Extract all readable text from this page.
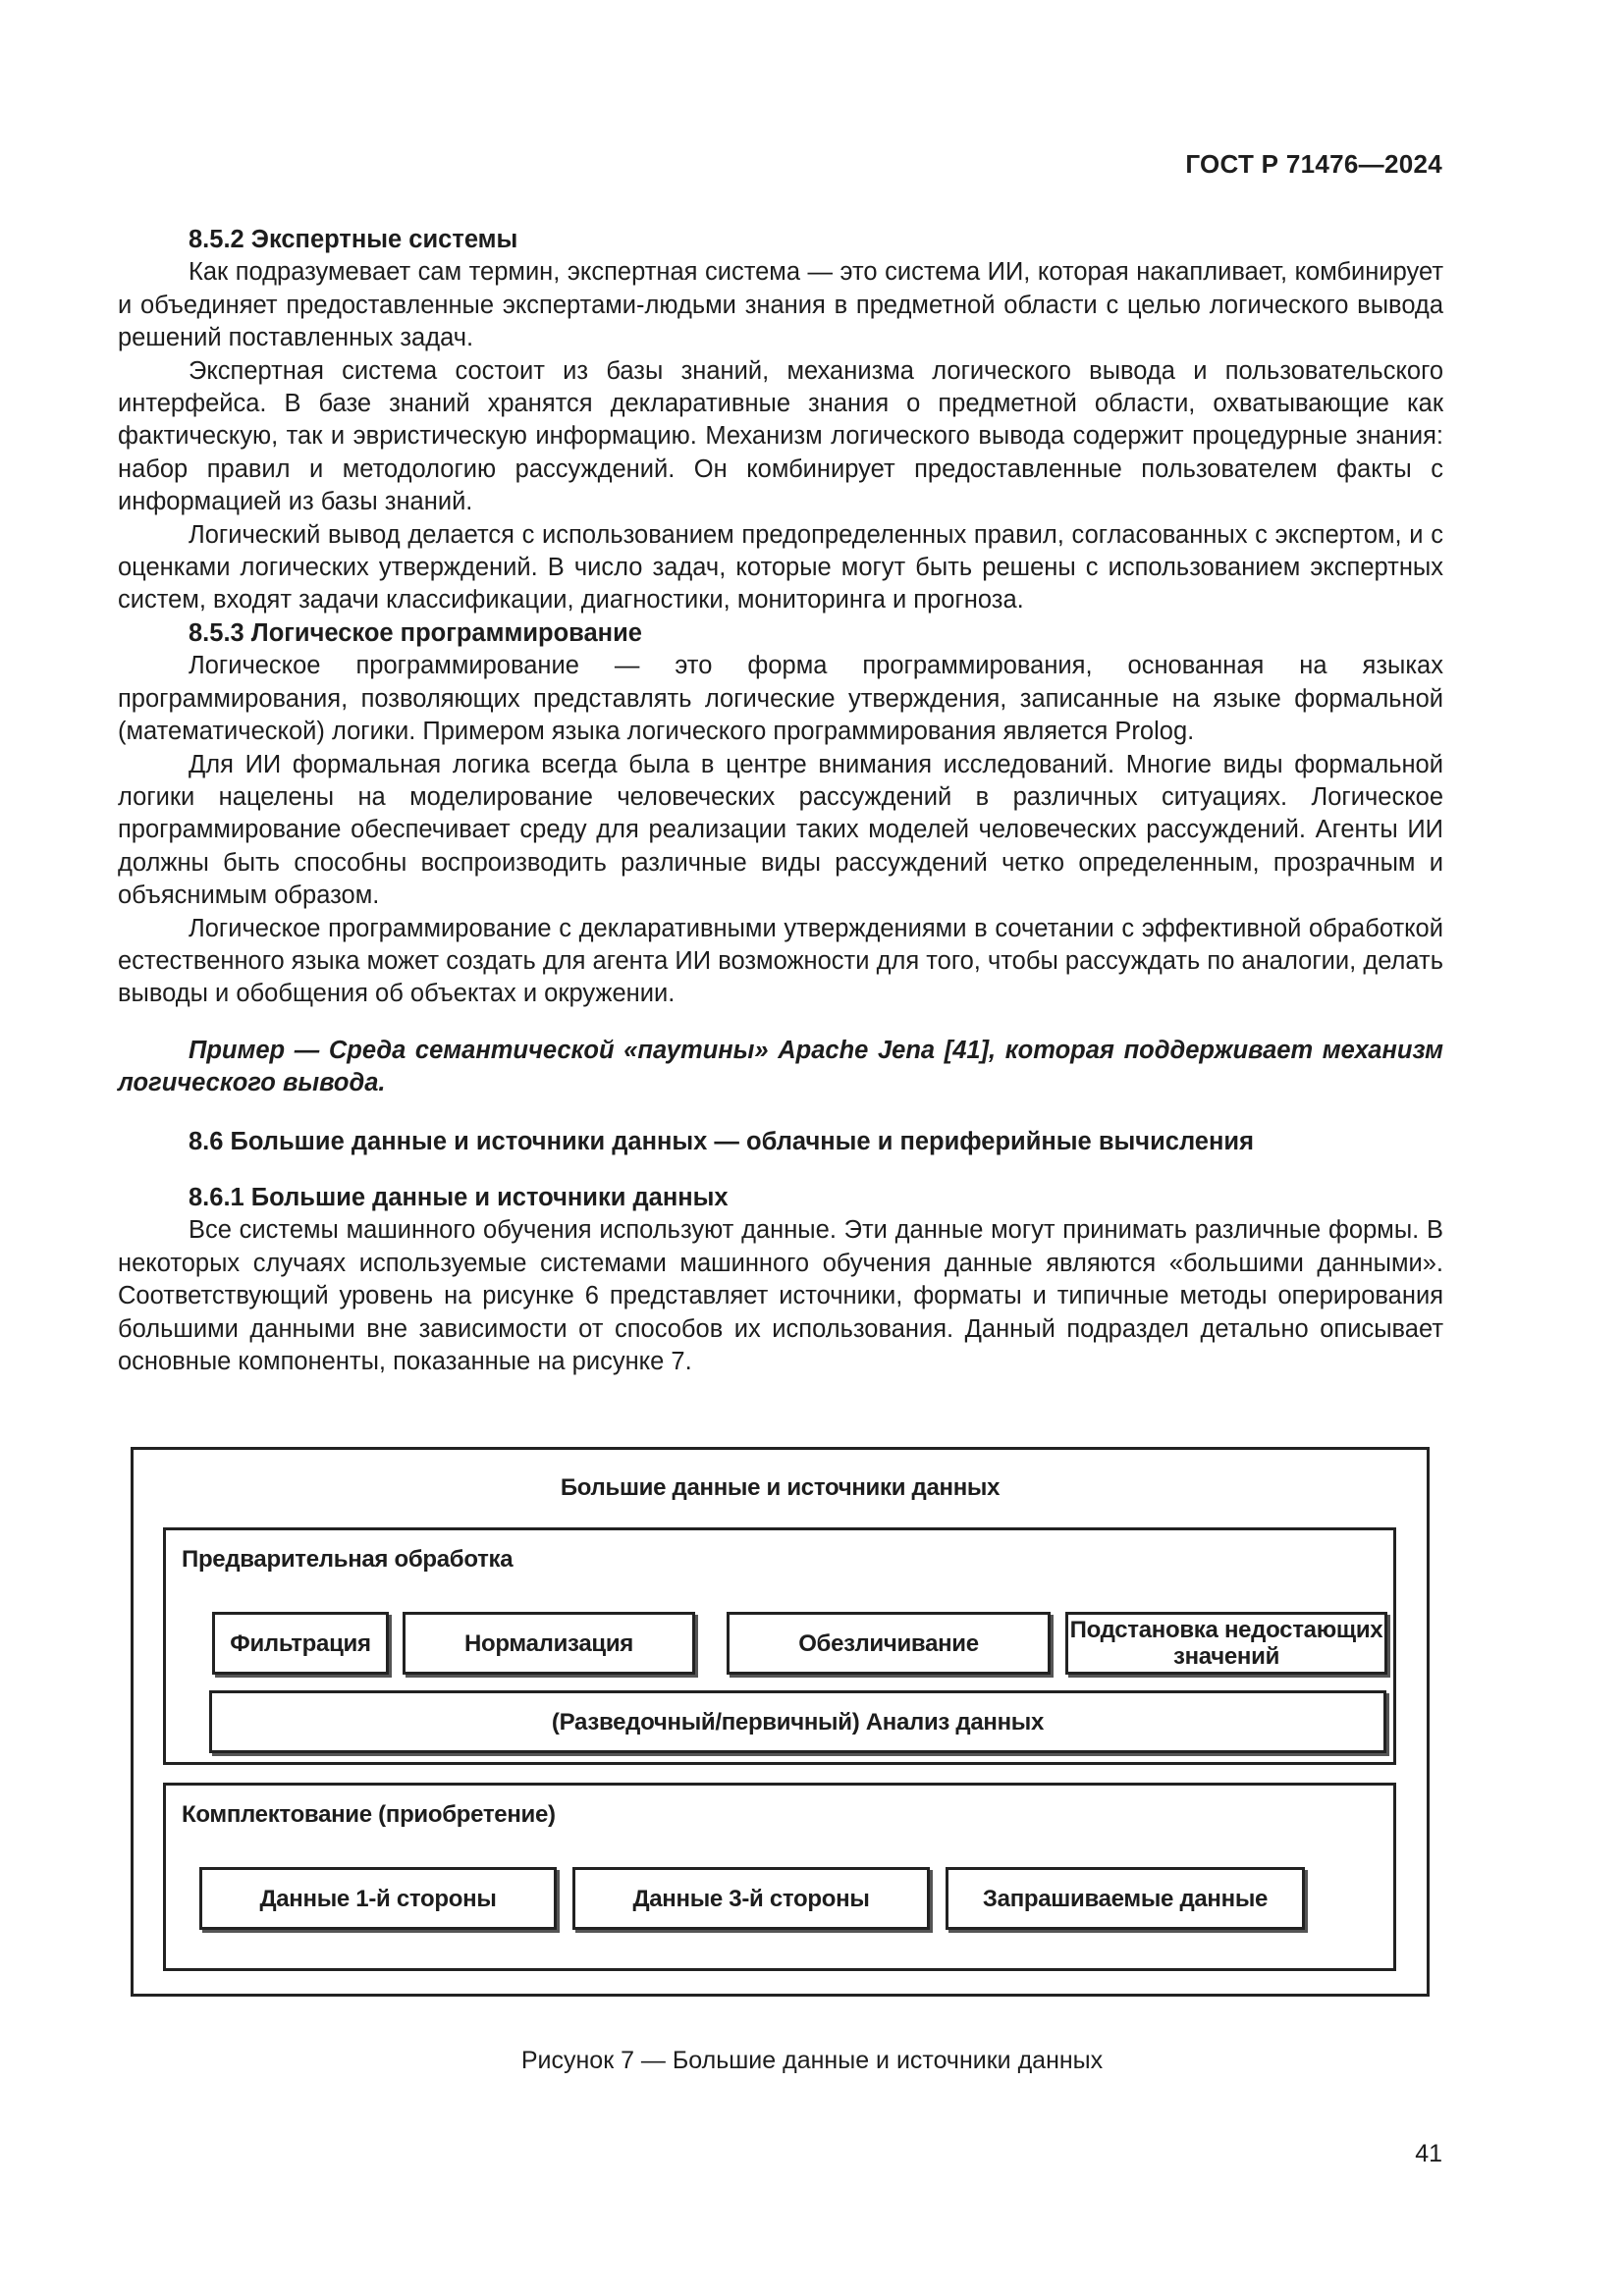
ГОСТ Р 71476—2024

8.5.2 Экспертные системы

Как подразумевает сам термин, экспертная система — это система ИИ, которая накапливает, комбинирует и объединяет предоставленные экспертами-людьми знания в предметной области с целью логического вывода решений поставленных задач.

Экспертная система состоит из базы знаний, механизма логического вывода и пользовательского интерфейса. В базе знаний хранятся декларативные знания о предметной области, охватывающие как фактическую, так и эвристическую информацию. Механизм логического вывода содержит процедурные знания: набор правил и методологию рассуждений. Он комбинирует предоставленные пользователем факты с информацией из базы знаний.

Логический вывод делается с использованием предопределенных правил, согласованных с экспертом, и с оценками логических утверждений. В число задач, которые могут быть решены с использованием экспертных систем, входят задачи классификации, диагностики, мониторинга и прогноза.

8.5.3 Логическое программирование

Логическое программирование — это форма программирования, основанная на языках программирования, позволяющих представлять логические утверждения, записанные на языке формальной (математической) логики. Примером языка логического программирования является Prolog.

Для ИИ формальная логика всегда была в центре внимания исследований. Многие виды формальной логики нацелены на моделирование человеческих рассуждений в различных ситуациях. Логическое программирование обеспечивает среду для реализации таких моделей человеческих рассуждений. Агенты ИИ должны быть способны воспроизводить различные виды рассуждений четко определенным, прозрачным и объяснимым образом.

Логическое программирование с декларативными утверждениями в сочетании с эффективной обработкой естественного языка может создать для агента ИИ возможности для того, чтобы рассуждать по аналогии, делать выводы и обобщения об объектах и окружении.

Пример — Среда семантической «паутины» Apache Jena [41], которая поддерживает механизм логического вывода.

8.6 Большие данные и источники данных — облачные и периферийные вычисления

8.6.1 Большие данные и источники данных

Все системы машинного обучения используют данные. Эти данные могут принимать различные формы. В некоторых случаях используемые системами машинного обучения данные являются «большими данными». Соответствующий уровень на рисунке 6 представляет источники, форматы и типичные методы оперирования большими данными вне зависимости от способов их использования. Данный подраздел детально описывает основные компоненты, показанные на рисунке 7.

Большие данные и источники данных
Предварительная обработка
Фильтрация	Нормализация	Обезличивание	Подстановка недостающих значений
(Разведочный/первичный) Анализ данных
Комплектование (приобретение)
Данные 1-й стороны	Данные 3-й стороны	Запрашиваемые данные
Рисунок 7 — Большие данные и источники данных
41
